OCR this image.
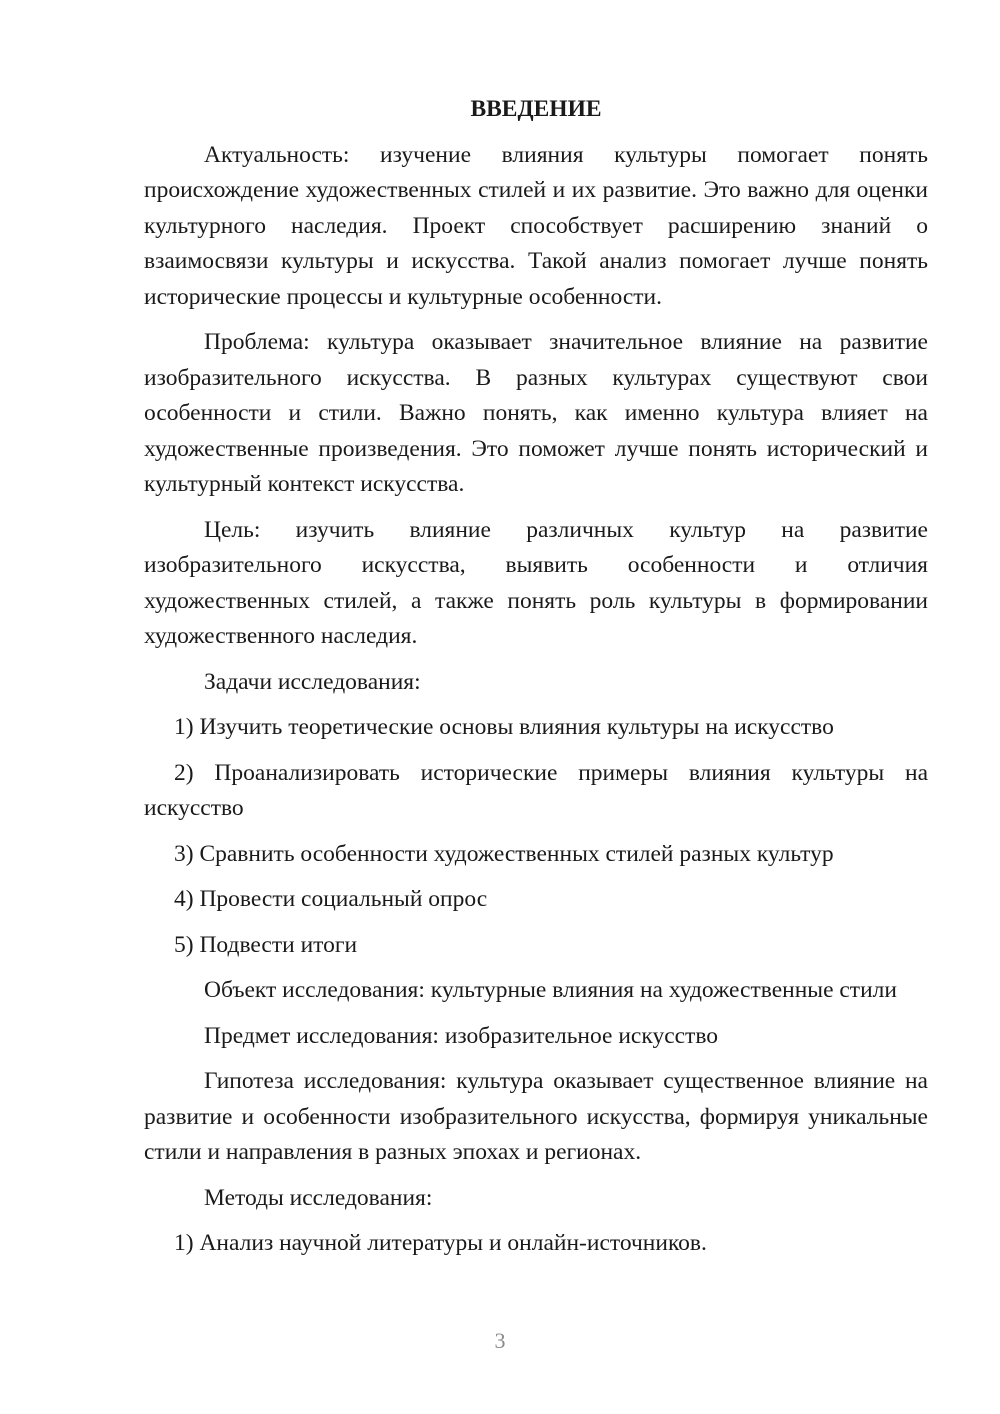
ВВЕДЕНИЕ
Актуальность: изучение влияния культуры помогает понять происхождение художественных стилей и их развитие. Это важно для оценки культурного наследия. Проект способствует расширению знаний о взаимосвязи культуры и искусства. Такой анализ помогает лучше понять исторические процессы и культурные особенности.
Проблема: культура оказывает значительное влияние на развитие изобразительного искусства. В разных культурах существуют свои особенности и стили. Важно понять, как именно культура влияет на художественные произведения. Это поможет лучше понять исторический и культурный контекст искусства.
Цель: изучить влияние различных культур на развитие изобразительного искусства, выявить особенности и отличия художественных стилей, а также понять роль культуры в формировании художественного наследия.
Задачи исследования:
1) Изучить теоретические основы влияния культуры на искусство
2) Проанализировать исторические примеры влияния культуры на искусство
3) Сравнить особенности художественных стилей разных культур
4) Провести социальный опрос
5) Подвести итоги
Объект исследования: культурные влияния на художественные стили
Предмет исследования: изобразительное искусство
Гипотеза исследования: культура оказывает существенное влияние на развитие и особенности изобразительного искусства, формируя уникальные стили и направления в разных эпохах и регионах.
Методы исследования:
1) Анализ научной литературы и онлайн-источников.
3
